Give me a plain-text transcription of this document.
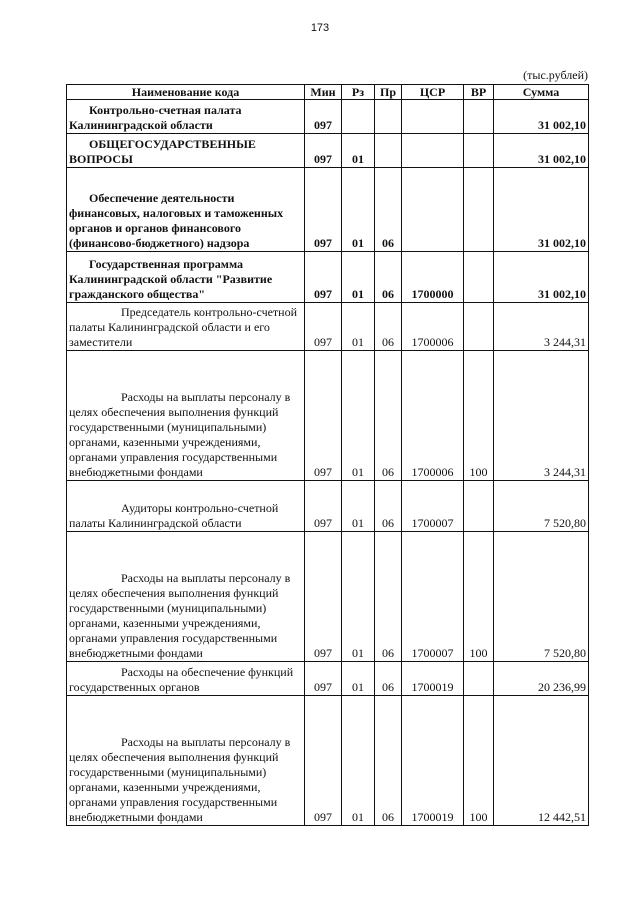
173
(тыс.рублей)
Наименование кода	Мин	Рз	Пр	ЦСР	ВР	Сумма

Контрольно-счетная палата Калининградской области	097					31 002,10

ОБЩЕГОСУДАРСТВЕННЫЕ ВОПРОСЫ	097	01				31 002,10

Обеспечение деятельности финансовых, налоговых и таможенных органов и органов финансового (финансово-бюджетного) надзора	097	01	06			31 002,10

Государственная программа Калининградской области "Развитие гражданского общества"	097	01	06	1700000		31 002,10

Председатель контрольно-счетной палаты Калининградской области и его заместители	097	01	06	1700006		3 244,31

Расходы на выплаты персоналу в целях обеспечения выполнения функций государственными (муниципальными) органами, казенными учреждениями, органами управления государственными внебюджетными фондами	097	01	06	1700006	100	3 244,31

Аудиторы контрольно-счетной палаты Калининградской области	097	01	06	1700007		7 520,80

Расходы на выплаты персоналу в целях обеспечения выполнения функций государственными (муниципальными) органами, казенными учреждениями, органами управления государственными внебюджетными фондами	097	01	06	1700007	100	7 520,80

Расходы на обеспечение функций государственных органов	097	01	06	1700019		20 236,99

Расходы на выплаты персоналу в целях обеспечения выполнения функций государственными (муниципальными) органами, казенными учреждениями, органами управления государственными внебюджетными фондами	097	01	06	1700019	100	12 442,51
